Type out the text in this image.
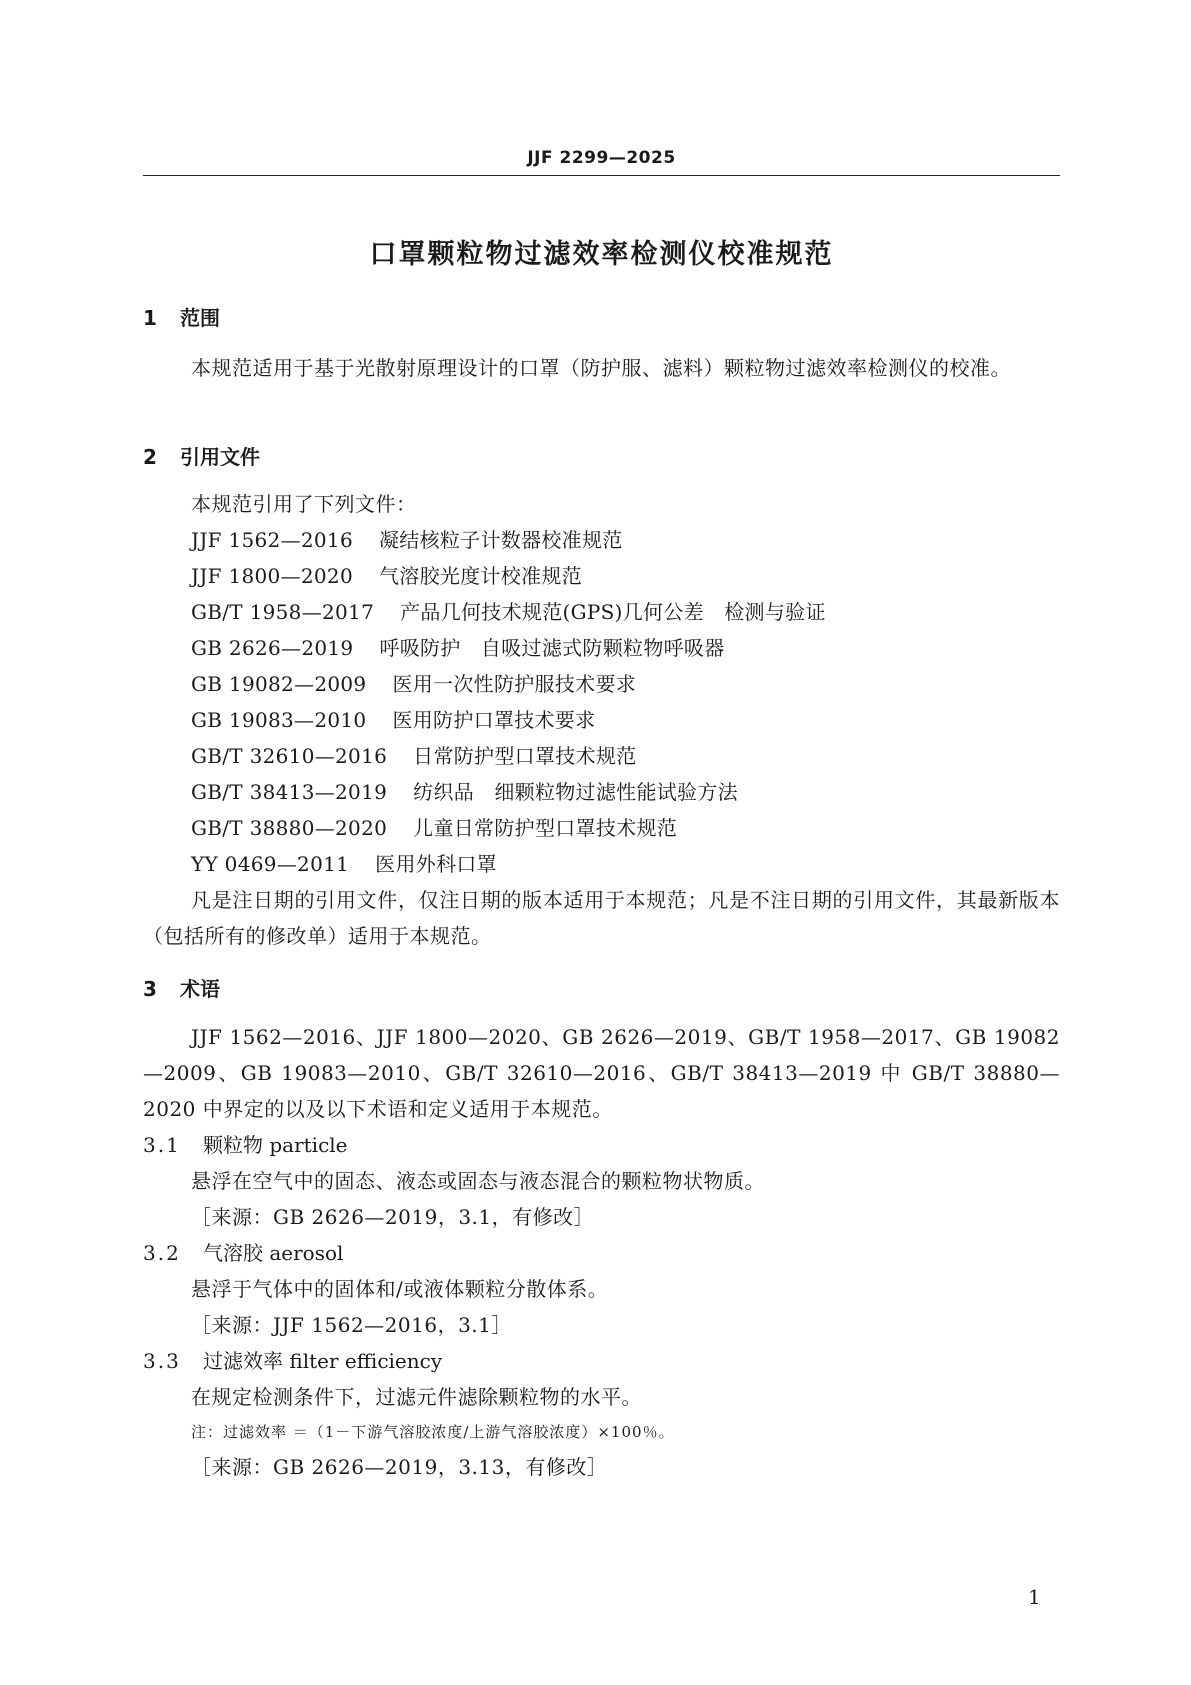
JJF 2299—2025
口罩颗粒物过滤效率检测仪校准规范
1 范围

本规范适用于基于光散射原理设计的口罩（防护服、滤料）颗粒物过滤效率检测仪的校准。

2 引用文件
本规范引用了下列文件：
JJF 1562—2016 凝结核粒子计数器校准规范
JJF 1800—2020 气溶胶光度计校准规范
GB/T 1958—2017 产品几何技术规范(GPS)几何公差　检测与验证
GB 2626—2019 呼吸防护　自吸过滤式防颗粒物呼吸器
GB 19082—2009 医用一次性防护服技术要求
GB 19083—2010 医用防护口罩技术要求
GB/T 32610—2016 日常防护型口罩技术规范
GB/T 38413—2019 纺织品　细颗粒物过滤性能试验方法
GB/T 38880—2020 儿童日常防护型口罩技术规范
YY 0469—2011 医用外科口罩

凡是注日期的引用文件，仅注日期的版本适用于本规范；凡是不注日期的引用文件，其最新版本（包括所有的修改单）适用于本规范。

3 术语

JJF 1562—2016、JJF 1800—2020、GB 2626—2019、GB/T 1958—2017、GB 19082—2009、GB 19083—2010、GB/T 32610—2016、GB/T 38413—2019 中 GB/T 38880—2020 中界定的以及以下术语和定义适用于本规范。

3.1 颗粒物 particle
悬浮在空气中的固态、液态或固态与液态混合的颗粒物状物质。
［来源：GB 2626—2019，3.1，有修改］
3.2 气溶胶 aerosol
悬浮于气体中的固体和/或液体颗粒分散体系。
［来源：JJF 1562—2016，3.1］
3.3 过滤效率 filter efficiency
在规定检测条件下，过滤元件滤除颗粒物的水平。
注：过滤效率 ＝（1－下游气溶胶浓度/上游气溶胶浓度）×100％。
［来源：GB 2626—2019，3.13，有修改］
1
